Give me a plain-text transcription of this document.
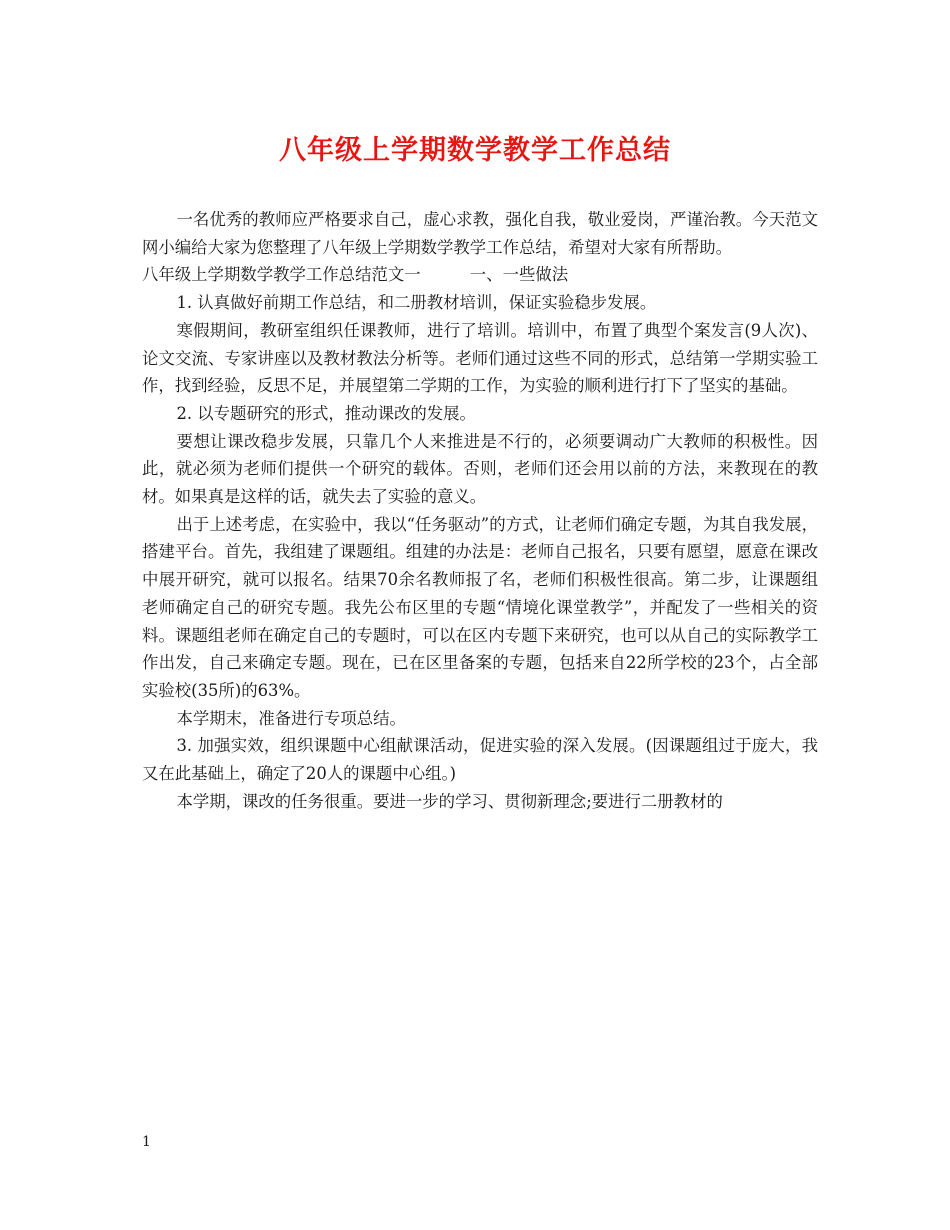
八年级上学期数学教学工作总结

一名优秀的教师应严格要求自己，虚心求教，强化自我，敬业爱岗，严谨治教。今天范文网小编给大家为您整理了八年级上学期数学教学工作总结，希望对大家有所帮助。

八年级上学期数学教学工作总结范文一　　　一、一些做法

1. 认真做好前期工作总结，和二册教材培训，保证实验稳步发展。

寒假期间，教研室组织任课教师，进行了培训。培训中，布置了典型个案发言(9人次)、论文交流、专家讲座以及教材教法分析等。老师们通过这些不同的形式，总结第一学期实验工作，找到经验，反思不足，并展望第二学期的工作，为实验的顺利进行打下了坚实的基础。

2. 以专题研究的形式，推动课改的发展。

要想让课改稳步发展，只靠几个人来推进是不行的，必须要调动广大教师的积极性。因此，就必须为老师们提供一个研究的载体。否则，老师们还会用以前的方法，来教现在的教材。如果真是这样的话，就失去了实验的意义。

出于上述考虑，在实验中，我以“任务驱动”的方式，让老师们确定专题，为其自我发展，搭建平台。首先，我组建了课题组。组建的办法是：老师自己报名，只要有愿望，愿意在课改中展开研究，就可以报名。结果70余名教师报了名，老师们积极性很高。第二步，让课题组老师确定自己的研究专题。我先公布区里的专题“情境化课堂教学”，并配发了一些相关的资料。课题组老师在确定自己的专题时，可以在区内专题下来研究，也可以从自己的实际教学工作出发，自己来确定专题。现在，已在区里备案的专题，包括来自22所学校的23个，占全部实验校(35所)的63%。

本学期末，准备进行专项总结。

3. 加强实效，组织课题中心组献课活动，促进实验的深入发展。(因课题组过于庞大，我又在此基础上，确定了20人的课题中心组。)

本学期，课改的任务很重。要进一步的学习、贯彻新理念;要进行二册教材的

1
